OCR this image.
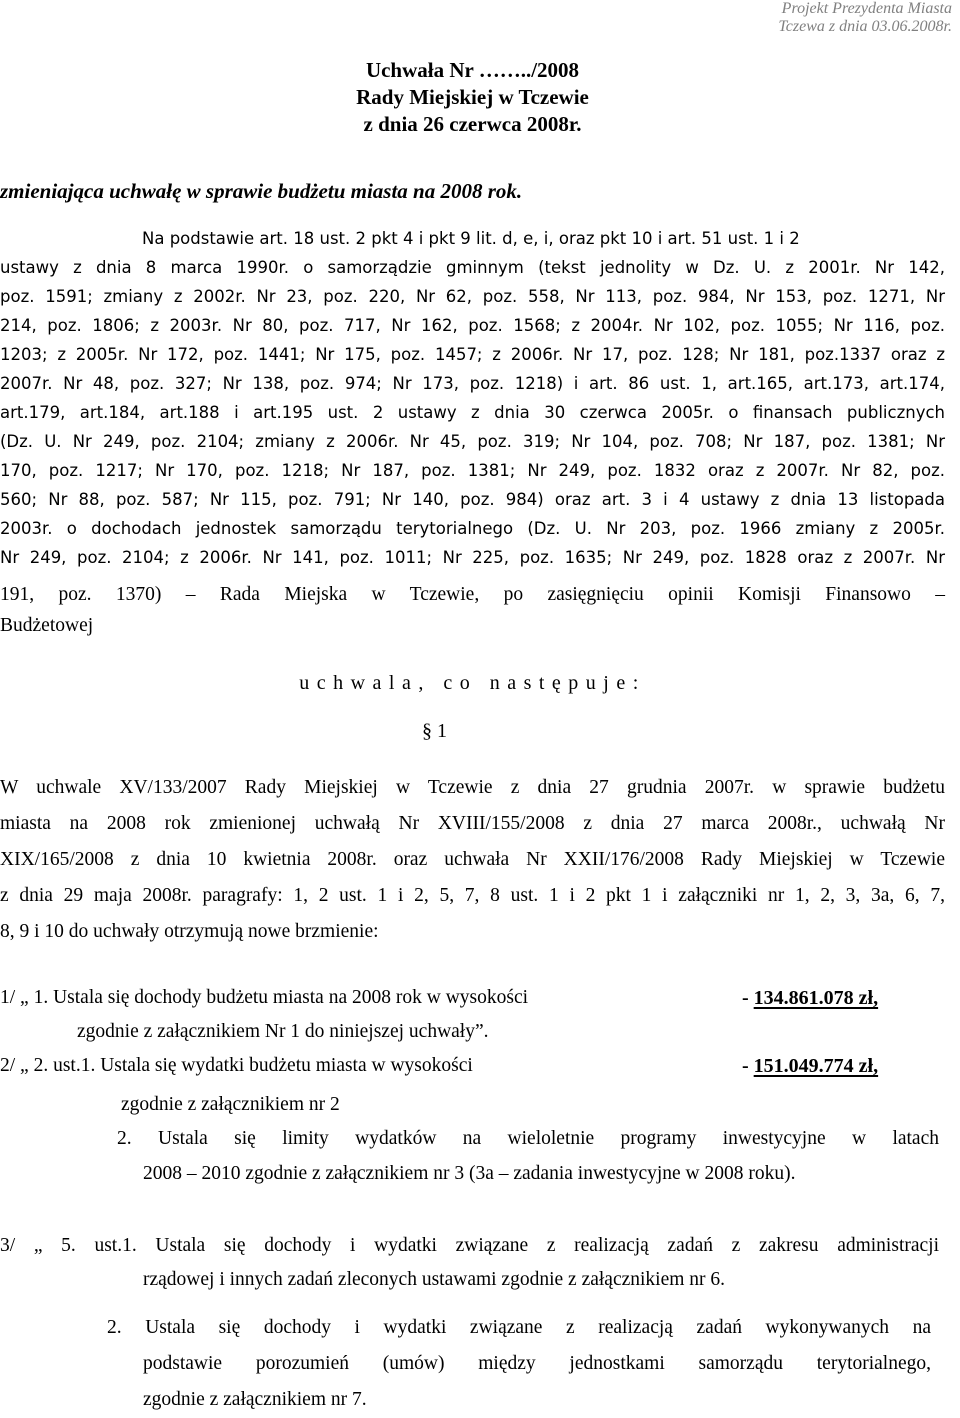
Projekt Prezydenta Miasta
Tczewa z dnia 03.06.2008r.
Uchwała Nr ……../2008
Rady Miejskiej w Tczewie
z dnia 26 czerwca 2008r.
zmieniająca uchwałę w sprawie budżetu miasta na 2008 rok.
Na podstawie art. 18 ust. 2 pkt 4 i pkt 9 lit. d, e, i, oraz pkt 10 i art. 51 ust. 1 i 2
ustawy z dnia 8 marca 1990r. o samorządzie gminnym (tekst jednolity w Dz. U. z 2001r. Nr 142,
poz. 1591; zmiany z 2002r. Nr 23, poz. 220, Nr 62, poz. 558, Nr 113, poz. 984, Nr 153, poz. 1271, Nr
214, poz. 1806; z 2003r. Nr 80, poz. 717, Nr 162, poz. 1568; z 2004r. Nr 102, poz. 1055; Nr 116, poz.
1203; z 2005r. Nr 172, poz. 1441; Nr 175, poz. 1457; z 2006r. Nr 17, poz. 128; Nr 181, poz.1337 oraz z
2007r. Nr 48, poz. 327; Nr 138, poz. 974; Nr 173, poz. 1218) i art. 86 ust. 1, art.165, art.173, art.174,
art.179, art.184, art.188 i art.195 ust. 2 ustawy z dnia 30 czerwca 2005r. o finansach publicznych
(Dz. U. Nr 249, poz. 2104; zmiany z 2006r. Nr 45, poz. 319; Nr 104, poz. 708; Nr 187, poz. 1381; Nr
170, poz. 1217; Nr 170, poz. 1218; Nr 187, poz. 1381; Nr 249, poz. 1832 oraz z 2007r. Nr 82, poz.
560; Nr 88, poz. 587; Nr 115, poz. 791; Nr 140, poz. 984) oraz art. 3 i 4 ustawy z dnia 13 listopada
2003r. o dochodach jednostek samorządu terytorialnego (Dz. U. Nr 203, poz. 1966 zmiany z 2005r.
Nr 249, poz. 2104; z 2006r. Nr 141, poz. 1011; Nr 225, poz. 1635; Nr 249, poz. 1828 oraz z 2007r. Nr
191, poz. 1370) – Rada Miejska w Tczewie, po zasięgnięciu opinii Komisji Finansowo –
Budżetowej
uchwala, co następuje:
§ 1
W uchwale XV/133/2007 Rady Miejskiej w Tczewie z dnia 27 grudnia 2007r. w sprawie budżetu
miasta na 2008 rok zmienionej uchwałą Nr XVIII/155/2008 z dnia 27 marca 2008r., uchwałą Nr
XIX/165/2008 z dnia 10 kwietnia 2008r. oraz uchwała Nr XXII/176/2008 Rady Miejskiej w Tczewie
z dnia 29 maja 2008r. paragrafy: 1, 2 ust. 1 i 2, 5, 7, 8 ust. 1 i 2 pkt 1 i załączniki nr 1, 2, 3, 3a, 6, 7,
8, 9 i 10 do uchwały otrzymują nowe brzmienie:
1/ „ 1. Ustala się dochody budżetu miasta na 2008 rok w wysokości	- 134.861.078 zł,
zgodnie z załącznikiem Nr 1 do niniejszej uchwały”.
2/ „ 2. ust.1. Ustala się wydatki budżetu miasta w wysokości	- 151.049.774 zł,
zgodnie z załącznikiem nr 2
2. Ustala się limity wydatków na wieloletnie programy inwestycyjne w latach
2008 – 2010 zgodnie z załącznikiem nr 3 (3a – zadania inwestycyjne w 2008 roku).
3/ „ 5. ust.1. Ustala się dochody i wydatki związane z realizacją zadań z zakresu administracji
rządowej i innych zadań zleconych ustawami zgodnie z załącznikiem nr 6.
2. Ustala się dochody i wydatki związane z realizacją zadań wykonywanych na
podstawie porozumień (umów) między jednostkami samorządu terytorialnego,
zgodnie z załącznikiem nr 7.
